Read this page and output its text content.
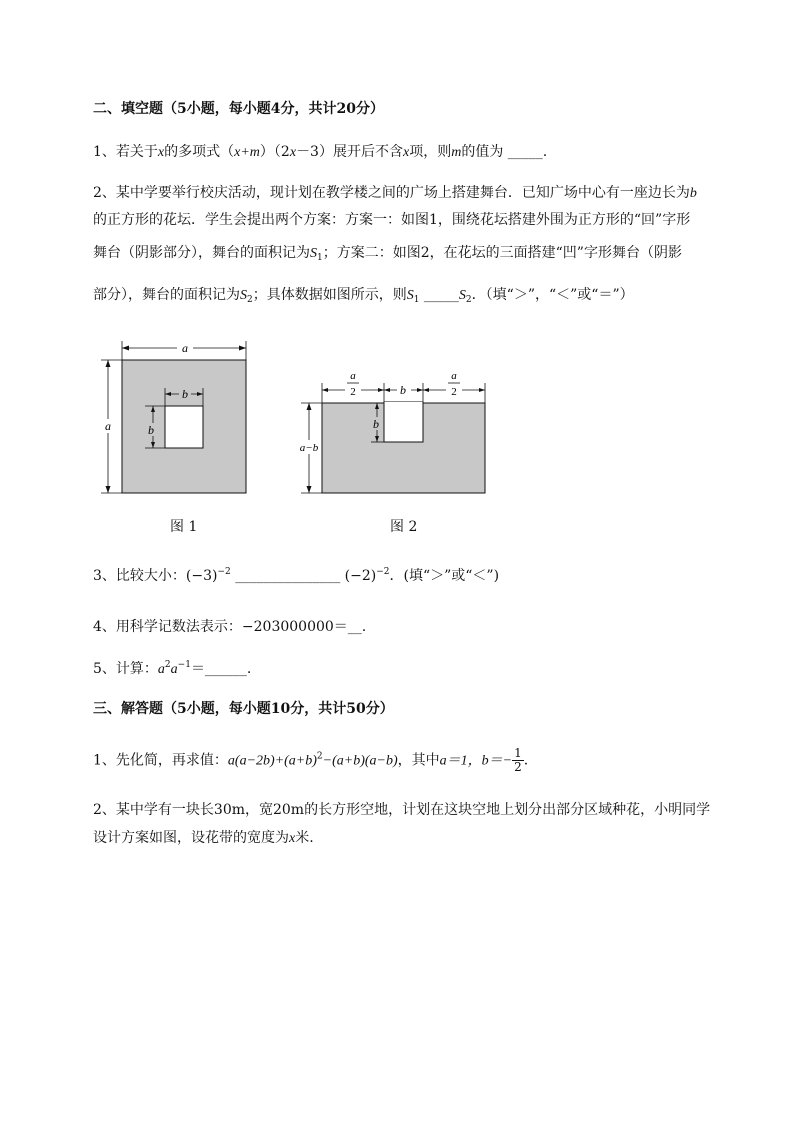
二、填空题（5小题，每小题4分，共计20分）
1、若关于x的多项式（x+m）（2x－3）展开后不含x项，则m的值为 _____.
2、某中学要举行校庆活动，现计划在教学楼之间的广场上搭建舞台．已知广场中心有一座边长为b
的正方形的花坛．学生会提出两个方案：方案一：如图1，围绕花坛搭建外围为正方形的“回”字形
舞台（阴影部分），舞台的面积记为$S_1$；方案二：如图2，在花坛的三面搭建“凹”字形舞台（阴影
部分），舞台的面积记为$S_2$；具体数据如图所示，则$S_1$ $\_\_\_\_\_S_2$．（填“＞”，“＜”或“＝”）
a
b
b
a
图 1
a
2	b
a
2
b
a−b
图 2
3、比较大小：$(-3)^{-2}$ _______________ $(-2)^{-2}$．(填“＞”或“＜”)
4、用科学记数法表示：−203000000＝__.
5、计算：$a^2a^{-1}=\_\_\_\_\_\_$.
三、解答题（5小题，每小题10分，共计50分）
1、先化简，再求值：$a(a-2b)+(a+b)^2-(a+b)(a-b)$，其中a＝1，$b=- \frac{1}{2}$ .
2、某中学有一块长30m，宽20m的长方形空地，计划在这块空地上划分出部分区域种花，小明同学
设计方案如图，设花带的宽度为x米.
